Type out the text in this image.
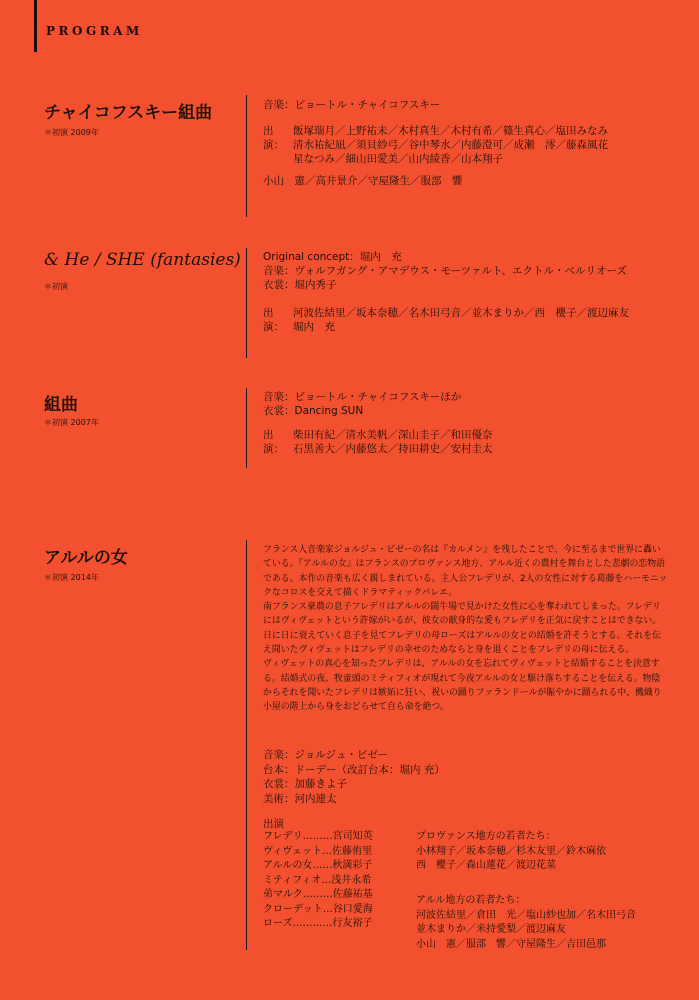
PROGRAM
チャイコフスキー組曲
＊初演 2009年
音楽：ピョートル・チャイコフスキー
出演：
飯塚瑞月／上野祐未／木村真生／木村有希／篠生真心／塩田みなみ
清水祐紀凪／須貝紗弓／谷中琴水／内藤澄可／成瀬　澪／藤森風花
星なつみ／細山田愛美／山内綾香／山本翔子
小山　憲／高井景介／守屋隆生／服部　響
& He / SHE (fantasies)
＊初演
Original concept：堀内　充
音楽：ヴォルフガング・アマデウス・モーツァルト、エクトル・ベルリオーズ
衣裳：堀内秀子
出演：
河波佐結里／坂本奈穂／名木田弓音／並木まりか／西　櫻子／渡辺麻友
堀内　充
組曲
＊初演 2007年
音楽：ピョートル・チャイコフスキーほか
衣裳：Dancing SUN
出演：
柴田有紀／清水美帆／深山圭子／和田優奈
石黒善大／内藤悠太／持田耕史／安村圭太
アルルの女
＊初演 2014年

フランス人音楽家ジョルジュ・ビゼーの名は『カルメン』を残したことで、今に至るまで世界に轟いている。『アルルの女』はフランスのプロヴァンス地方、アルル近くの農村を舞台とした悲劇の恋物語である。本作の音楽も広く親しまれている。主人公フレデリが、2人の女性に対する葛藤をハーモニックなコロスを交えて描くドラマティックバレエ。

南フランス豪農の息子フレデリはアルルの闘牛場で見かけた女性に心を奪われてしまった。フレデリにはヴィヴェットという許嫁がいるが、彼女の献身的な愛もフレデリを正気に戻すことはできない。日に日に衰えていく息子を見てフレデリの母ローズはアルルの女との結婚を許そうとする。それを伝え聞いたヴィヴェットはフレデリの幸せのためならと身を退くことをフレデリの母に伝える。

ヴィヴェットの真心を知ったフレデリは、アルルの女を忘れてヴィヴェットと結婚することを決意する。結婚式の夜、牧童頭のミティフィオが現れて今夜アルルの女と駆け落ちすることを伝える。物陰からそれを聞いたフレデリは嫉妬に狂い、祝いの踊りファランドールが賑やかに踊られる中、機織り小屋の階上から身をおどらせて自ら命を絶つ。

音楽：ジョルジュ・ビゼー
台本：ドーデー（改訂台本：堀内 充）
衣裳：加藤きよ子
美術：河内連太
出演
フレデリ………宮司知英
ヴィヴェット…佐藤侑里
アルルの女……秋満彩子
ミティフィオ…浅井永希
弟マルク………佐藤祐基
クローデット…谷口愛海
ローズ…………行友裕子
プロヴァンス地方の若者たち：
小林翔子／坂本奈穂／杉木友里／鈴木麻依
西　櫻子／森山蓮花／渡辺花菜
アルル地方の若者たち：
河波佐結里／倉田　光／塩山紗也加／名木田弓音
並木まりか／米持愛梨／渡辺麻友
小山　憲／服部　響／守屋隆生／吉田邑那
